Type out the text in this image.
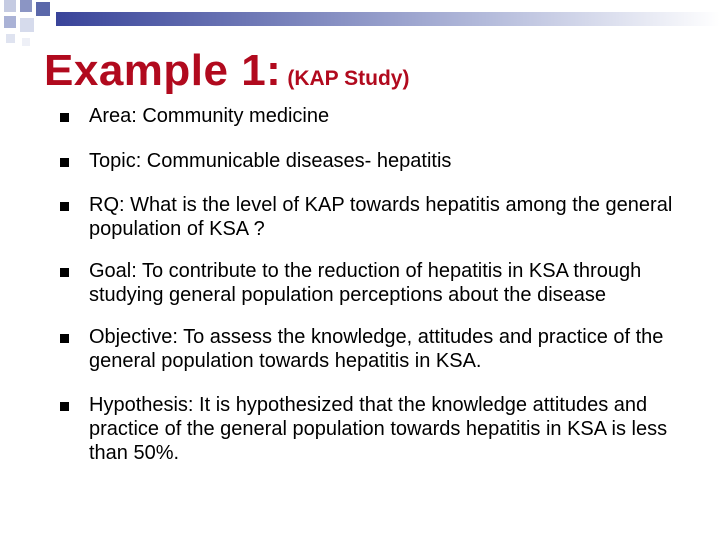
Example 1: (KAP Study)
Area: Community medicine
Topic: Communicable diseases- hepatitis
RQ: What is the level of KAP towards hepatitis among the general population of KSA ?
Goal: To contribute to the reduction of hepatitis in KSA through studying general population perceptions about the disease
Objective: To assess the knowledge, attitudes and practice of the general population towards hepatitis in KSA.
Hypothesis: It is hypothesized that the knowledge attitudes and practice of the general population towards hepatitis in KSA is less than 50%.
